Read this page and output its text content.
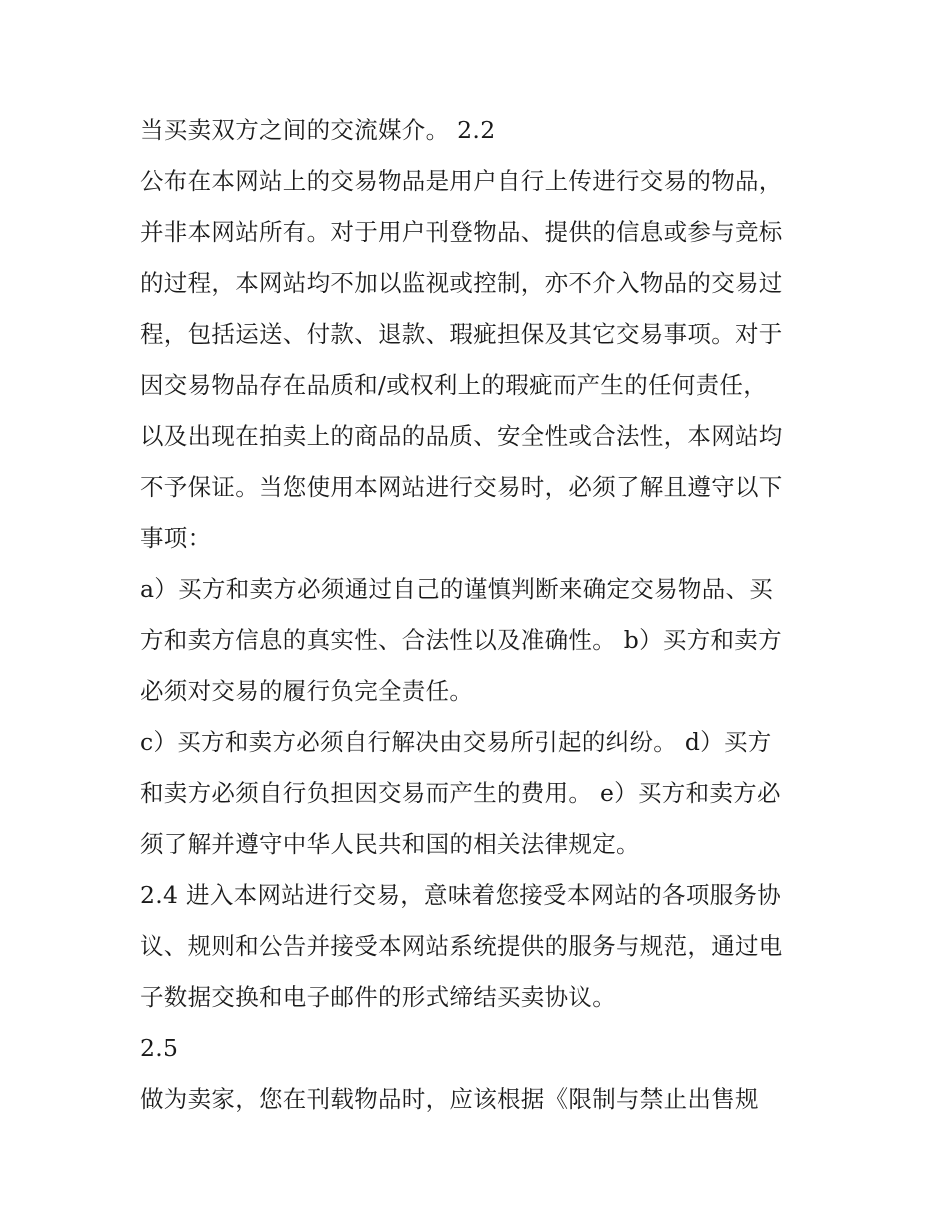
当买卖双方之间的交流媒介。 2.2
公布在本网站上的交易物品是用户自行上传进行交易的物品，
并非本网站所有。对于用户刊登物品、提供的信息或参与竞标
的过程，本网站均不加以监视或控制，亦不介入物品的交易过
程，包括运送、付款、退款、瑕疵担保及其它交易事项。对于
因交易物品存在品质和/或权利上的瑕疵而产生的任何责任，
以及出现在拍卖上的商品的品质、安全性或合法性，本网站均
不予保证。当您使用本网站进行交易时，必须了解且遵守以下
事项：
a）买方和卖方必须通过自己的谨慎判断来确定交易物品、买
方和卖方信息的真实性、合法性以及准确性。 b）买方和卖方
必须对交易的履行负完全责任。
c）买方和卖方必须自行解决由交易所引起的纠纷。 d）买方
和卖方必须自行负担因交易而产生的费用。 e）买方和卖方必
须了解并遵守中华人民共和国的相关法律规定。
2.4 进入本网站进行交易，意味着您接受本网站的各项服务协
议、规则和公告并接受本网站系统提供的服务与规范，通过电
子数据交换和电子邮件的形式缔结买卖协议。
2.5
做为卖家，您在刊载物品时，应该根据《限制与禁止出售规
